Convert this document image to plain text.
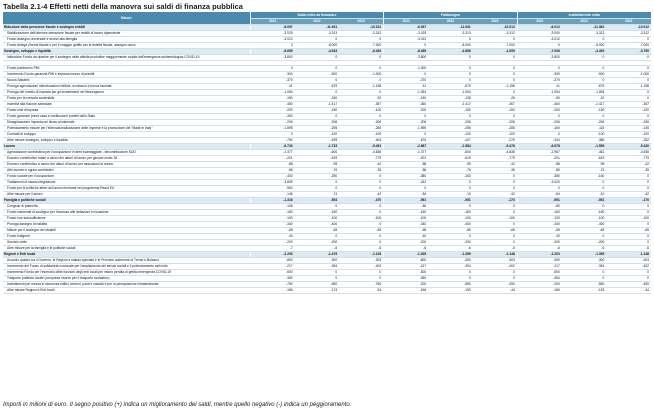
Tabella 2.1-4 Effetti netti della manovra sui saldi di finanza pubblica
Misure	Saldo netto da finanziare			Fabbisogno			Indebitamento netto		
	2021	2022	2023	2021	2022	2023	2021	2022	2023
Riduzione della pressione fiscale e sostegno redditi	-6.097	-11.931	-10.012	-6.097	-11.931	-10.012	-6.012	-11.361	-10.012
Stabilizzazione dell'ulteriore detrazione fiscale per redditi di lavoro dipendente	-3.025	-3.313	-3.312	-3.025	-3.313	-3.312	-3.000	-3.313	-3.312
Fondo assegno universale e servizi alla famiglia	-3.012	0	0	-3.012	0	0	-3.012	0	0
Fondo delega riforma fiscale e per il maggior gettito per la fedeltà fiscale, assegno unico	0	-8.000	-7.000	0	-8.000	-7.000	0	-8.000	-7.000
Sostegno, sviluppo e liquidità	-8.659	-4.933	-6.492	-8.455	-4.856	-1.995	-7.006	-4.492	-3.790
Istituzione Fondo da ripartire per il sostegno delle attività produttive maggiormente colpite dall'emergenza epidemiologica COVID-19	-3.800	0	0	-3.800	0	0	-3.800	0	0

Fondo patrimonio PMI	0	0	0	-1.000	0	0	0	0	0
Incremento Fondo garanzia PMI e impresa mezzo di prestiti	-300	-500	-1.000	0	0	0	-300	-500	-1.000
Nuova Sabatini	-370	0	0	-370	0	0	-370	0	0
Proroga agevolazioni ristrutturazioni edilizie, ecobonus e bonus facciate	41	-679	-1.198	41	-679	-1.198	41	-679	-1.198
Proroga del credito di imposta per gli investimenti nel Mezzogiorno	-1.054	0	0	-1.054	-1.054	0	-1.054	-1.054	0
Fondo per la crescita sostenibile	-150	-150	-20	-150	-128	-26	-50	-20	0
Incentivi alla fusione aziendale	-460	-1.417	-367	-460	-1.417	-367	-460	-1.417	-367
Fondo crisi d'impresa	-200	-150	-100	-200	-150	-100	-200	-150	-100
Fondo garanzie prima casa e costituzione prestiti dallo Stato	-300	0	0	0	0	0	0	0	0
Disapplicazione imposta nel flusso pluriennale	-206	-206	-206	-206	-206	-206	-206	-206	-206
Potenziamento misure per l'internazionalizzazione delle imprese e la promozione del "Made in Italy"	-1.895	-255	-285	-1.595	-255	-285	-160	-115	-145
Contratti di sviluppo	0	-100	-100	0	-100	-100	0	-100	-100
Altre misure sostegno, sviluppo e liquidità	-754	-499	-404	-676	-427	-275	-344	-386	-252
Lavoro	-6.733	-1.733	-5.491	-2.687	-1.584	-5.476	-6.678	-1.595	-5.430
Agevolazione contributiva per l'occupazione in aree svantaggiate - decontribuzione SUD	-1.377	-600	-4.836	-1.377	-600	-4.836	-2.957	-462	-4.836
Esonero contributivo totale a carico dei datori di lavoro per giovani under 36	-201	-619	-779	-201	-619	-779	-201	-619	-779
Esonero contributivo a carico dei datori di lavoro per assunzioni di donne	-88	-99	-42	-88	-99	-42	-88	-99	-42
Altri esoneri e sgravi contributivi	-86	-76	-35	-86	-76	-35	-86	-76	-35
Fondo sociale per l'occupazione	-400	-250	0	-380	-163	0	-380	-160	0
Trattamenti di cassa integrazione	-3.805	0	0	-242	0	0	-3.020	0	0
Fondo per le politiche attive del lavoro rientranti nel programma React EU	-500	0	0	0	0	0	0	0	0
Altre misure per il lavoro	-146	-74	-42	-84	-10	-42	-84	-10	-42
Famiglia e politiche sociali	-1.316	-954	-370	-991	-951	-170	-991	-951	-170
Congedo di paternità	-106	0	0	-80	0	0	-80	0	0
Fondo nazionale di sostegno per l'accesso alle abitazioni in locazione	-160	-160	0	-160	-160	0	-160	-160	0
Fondo non autosufficienze	-100	-100	-100	-100	-100	-100	-100	-100	-100
Proroga assegno di natalità	-340	-400	0	-340	-400	0	-340	-400	0
Misure per il sostegno dei disabili	-65	-65	-65	-65	-65	-65	-65	-65	-65
Fondo indigenti	-40	0	0	-40	0	0	-40	0	0
Servizio civile	-200	-200	0	-200	-200	0	-200	-200	0
Altre misure per la famiglia e le politiche sociali	-7	-6	-6	-6	-6	-6	-6	-6	-6
Regioni e Enti locali	-2.203	-1.479	-1.126	-1.205	-1.399	-1.148	-1.203	-1.399	-1.148
Accordo quadro tra il Governo, le Regioni a statuto speciale e le Province autonome di Trento e Bolzano	-800	-300	-303	-800	-300	-303	-300	-300	-303
Incremento del Fondo di solidarietà comunale per l'ampliamento dei servizi sociali e il potenziamento asili nido	-217	-354	-402	-217	-354	-402	-217	-354	-402
Incremento Fondo per l'esercizio delle funzioni degli enti locali per ristoro perdita di gettito emergenza COVID-19	-500	0	0	-500	0	0	-500	0	0
Trasporto pubblico locale (compresa risorse per il trasporto scolastico)	-350	0	0	-350	0	0	-350	0	0
Investimenti per messa in sicurezza edifici, territori, ponti e viadotti e per la perequazione infrastrutturale	-750	-650	-760	-200	-550	-490	-200	-550	-490
Altre misure Regioni e Enti locali	-166	-174	-94	-166	-193	-44	-166	-193	-44
Importi in milioni di euro. Il segno positivo (+) indica un miglioramento dei saldi, mentre quello negativo (-) indica un peggioramento.
